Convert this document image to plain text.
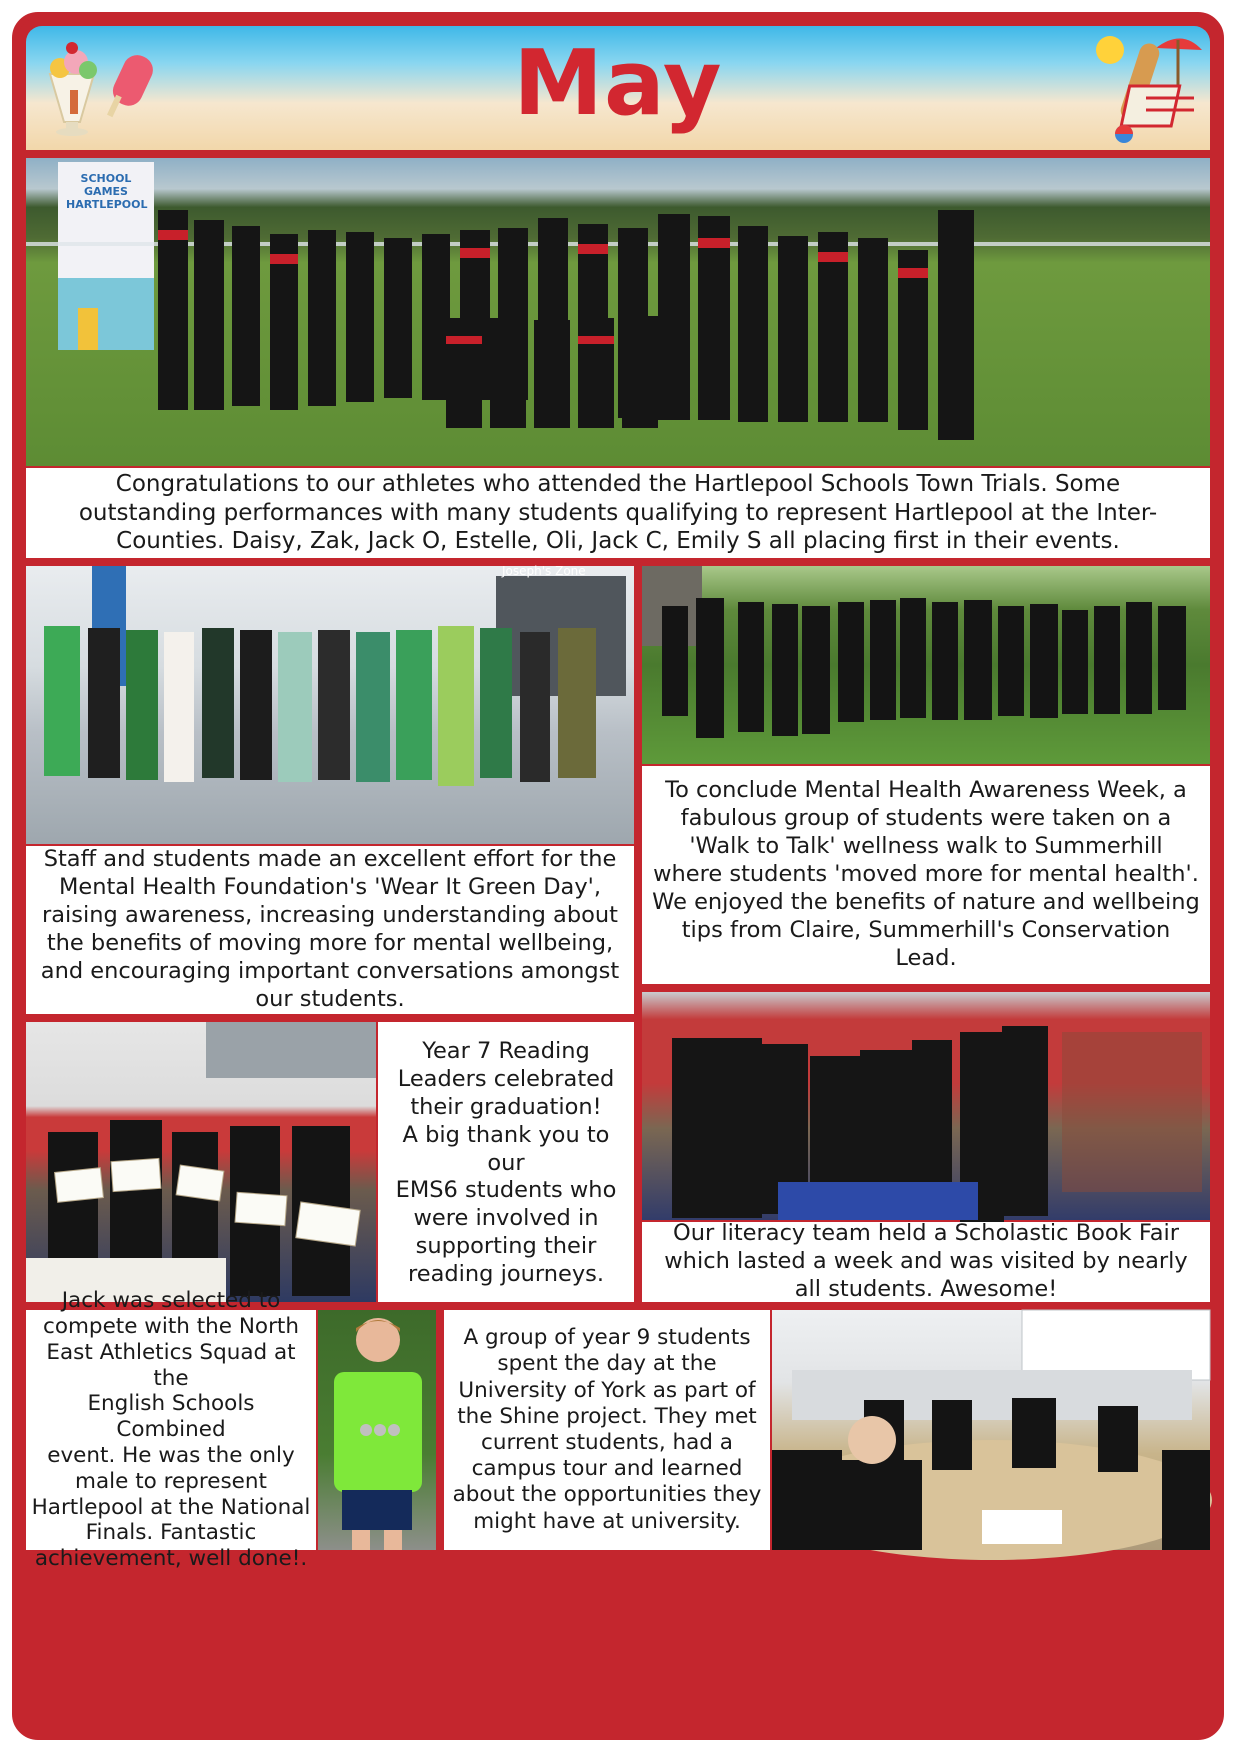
May
SCHOOL GAMES HARTLEPOOL
Congratulations to our athletes who attended the Hartlepool Schools Town Trials. Some outstanding performances with many students qualifying to represent Hartlepool at the Inter-Counties. Daisy, Zak, Jack O, Estelle, Oli, Jack C, Emily S all placing first in their events.
Joseph's Zone
Staff and students made an excellent effort for the Mental Health Foundation's 'Wear It Green Day', raising awareness, increasing understanding about the benefits of moving more for mental wellbeing, and encouraging important conversations amongst our students.
To conclude Mental Health Awareness Week, a fabulous group of students were taken on a 'Walk to Talk' wellness walk to Summerhill where students 'moved more for mental health'. We enjoyed the benefits of nature and wellbeing tips from Claire, Summerhill's Conservation Lead.
Year 7 Reading
Leaders celebrated
their graduation!
A big thank you to our
EMS6 students who
were involved in
supporting their
reading journeys.
Our literacy team held a Scholastic Book Fair which lasted a week and was visited by nearly all students. Awesome!
Jack was selected to
compete with the North
East Athletics Squad at the
English Schools Combined
event. He was the only
male to represent
Hartlepool at the National
Finals. Fantastic
achievement, well done!.
A group of year 9 students
spent the day at the
University of York as part of
the Shine project. They met
current students, had a
campus tour and learned
about the opportunities they
might have at university.
